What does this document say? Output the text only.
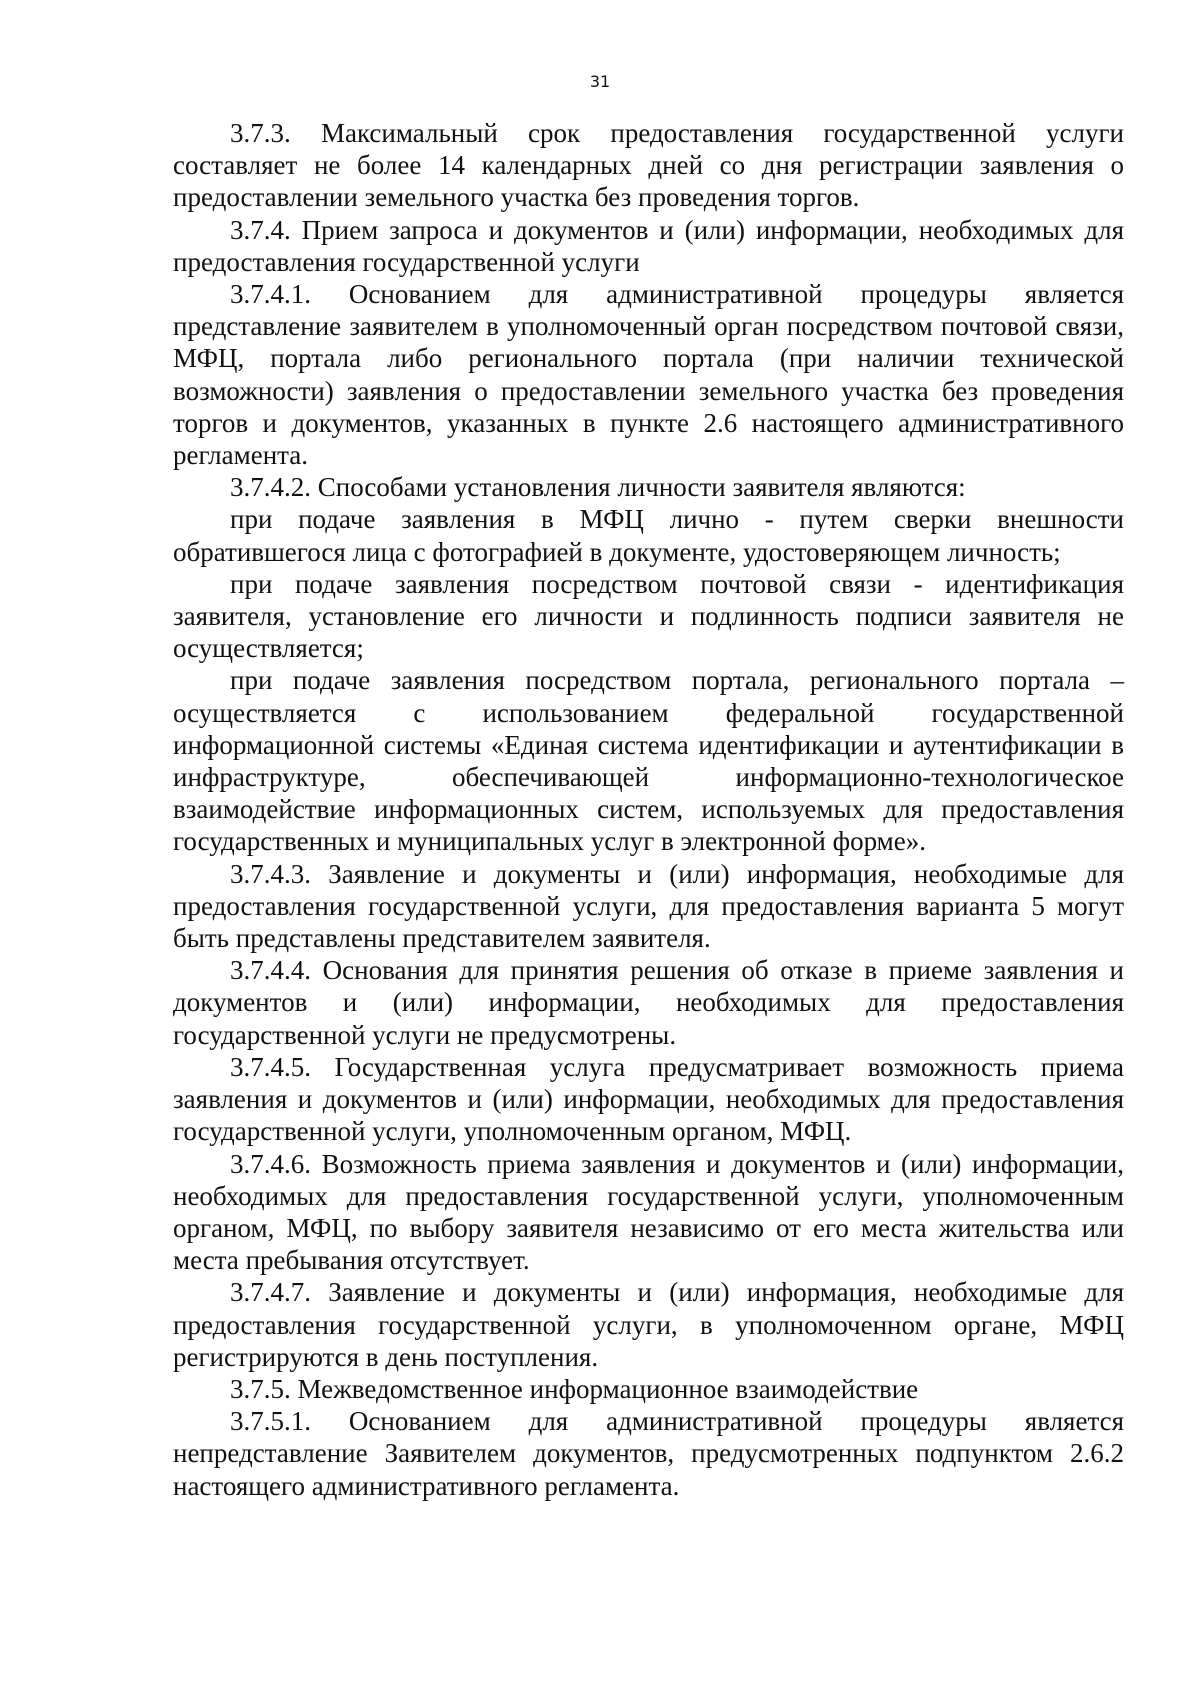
31

3.7.3. Максимальный срок предоставления государственной услуги составляет не более 14 календарных дней со дня регистрации заявления о предоставлении земельного участка без проведения торгов.

3.7.4. Прием запроса и документов и (или) информации, необходимых для предоставления государственной услуги

3.7.4.1. Основанием для административной процедуры является представление заявителем в уполномоченный орган посредством почтовой связи, МФЦ, портала либо регионального портала (при наличии технической возможности) заявления о предоставлении земельного участка без проведения торгов и документов, указанных в пункте 2.6 настоящего административного регламента.

3.7.4.2. Способами установления личности заявителя являются:

при подаче заявления в МФЦ лично - путем сверки внешности обратившегося лица с фотографией в документе, удостоверяющем личность;

при подаче заявления посредством почтовой связи - идентификация заявителя, установление его личности и подлинность подписи заявителя не осуществляется;

при подаче заявления посредством портала, регионального портала – осуществляется с использованием федеральной государственной информационной системы «Единая система идентификации и аутентификации в инфраструктуре, обеспечивающей информационно-технологическое взаимодействие информационных систем, используемых для предоставления государственных и муниципальных услуг в электронной форме».

3.7.4.3. Заявление и документы и (или) информация, необходимые для предоставления государственной услуги, для предоставления варианта 5 могут быть представлены представителем заявителя.

3.7.4.4. Основания для принятия решения об отказе в приеме заявления и документов и (или) информации, необходимых для предоставления государственной услуги не предусмотрены.

3.7.4.5. Государственная услуга предусматривает возможность приема заявления и документов и (или) информации, необходимых для предоставления государственной услуги, уполномоченным органом, МФЦ.

3.7.4.6. Возможность приема заявления и документов и (или) информации, необходимых для предоставления государственной услуги, уполномоченным органом, МФЦ, по выбору заявителя независимо от его места жительства или места пребывания отсутствует.

3.7.4.7. Заявление и документы и (или) информация, необходимые для предоставления государственной услуги, в уполномоченном органе, МФЦ регистрируются в день поступления.

3.7.5. Межведомственное информационное взаимодействие

3.7.5.1. Основанием для административной процедуры является непредставление Заявителем документов, предусмотренных подпунктом 2.6.2 настоящего административного регламента.
